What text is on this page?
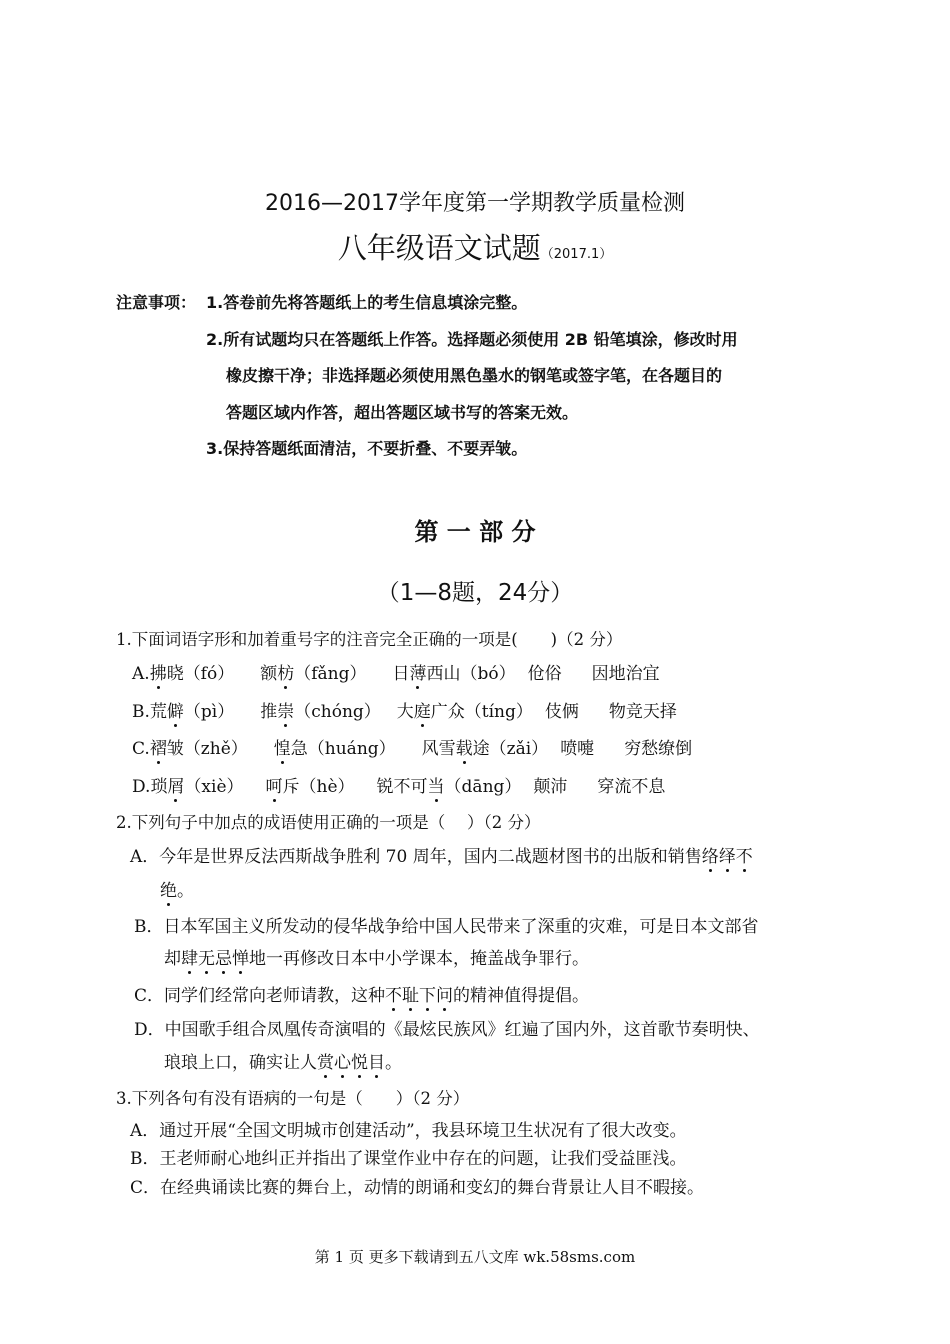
2016—2017学年度第一学期教学质量检测
八年级语文试题（2017.1）
注意事项： 1.答卷前先将答题纸上的考生信息填涂完整。
2.所有试题均只在答题纸上作答。选择题必须使用 2B 铅笔填涂，修改时用
橡皮擦干净；非选择题必须使用黑色墨水的钢笔或签字笔，在各题目的
答题区域内作答，超出答题区域书写的答案无效。
3.保持答题纸面清洁，不要折叠、不要弄皱。
第 一 部 分
（1—8题，24分）
1.下面词语字形和加着重号字的注音完全正确的一项是(　　)（2 分）
A.拂晓（fó） 额枋（fǎng） 日薄西山（bó） 伧俗 因地治宜
B.荒僻（pì） 推崇（chóng） 大庭广众（tíng） 伎俩 物竞天择
C.褶皱（zhě） 惶急（huáng） 风雪载途（zǎi） 喷嚏 穷愁缭倒
D.琐屑（xiè） 呵斥（hè） 锐不可当（dāng） 颠沛 穿流不息
2.下列句子中加点的成语使用正确的一项是（　 ）（2 分）
A．今年是世界反法西斯战争胜利 70 周年，国内二战题材图书的出版和销售络绎不
绝。
B．日本军国主义所发动的侵华战争给中国人民带来了深重的灾难，可是日本文部省
却肆无忌惮地一再修改日本中小学课本，掩盖战争罪行。
C．同学们经常向老师请教，这种不耻下问的精神值得提倡。
D．中国歌手组合凤凰传奇演唱的《最炫民族风》红遍了国内外，这首歌节奏明快、
琅琅上口，确实让人赏心悦目。
3.下列各句有没有语病的一句是（　　）（2 分）
A．通过开展“全国文明城市创建活动”，我县环境卫生状况有了很大改变。
B．王老师耐心地纠正并指出了课堂作业中存在的问题，让我们受益匪浅。
C．在经典诵读比赛的舞台上，动情的朗诵和变幻的舞台背景让人目不暇接。
第 1 页 更多下载请到五八文库 wk.58sms.com
